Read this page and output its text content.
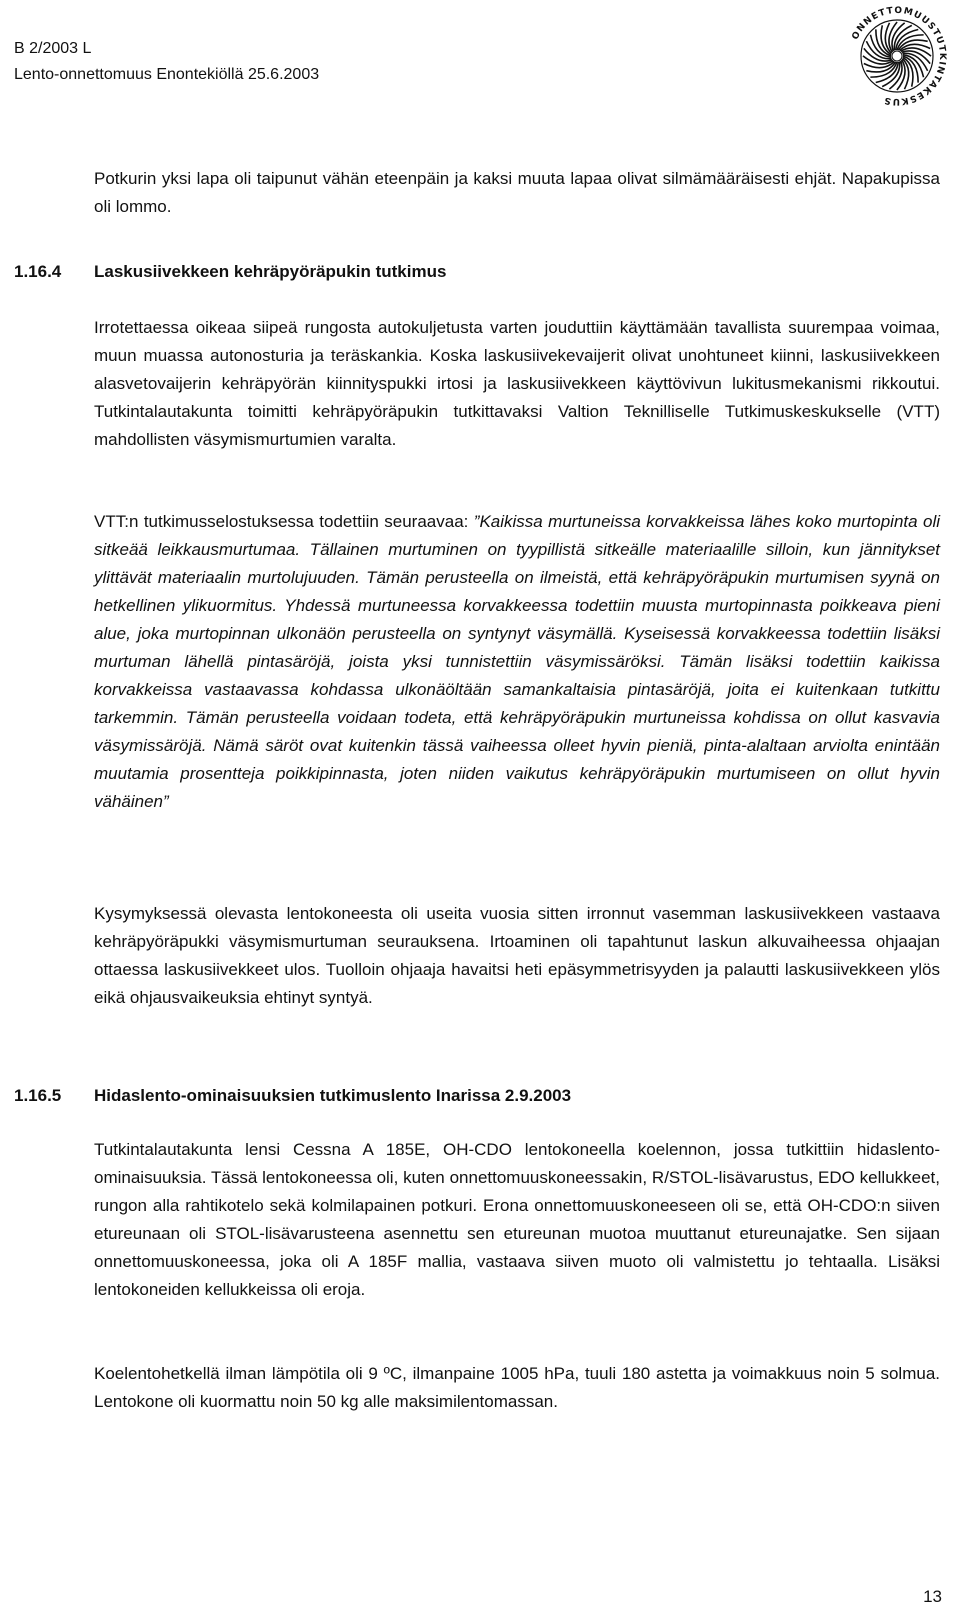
B 2/2003 L
Lento-onnettomuus Enontekiöllä 25.6.2003
ONNETTOMUUSTUTKINTAKESKUS

Potkurin yksi lapa oli taipunut vähän eteenpäin ja kaksi muuta lapaa olivat silmämääräisesti ehjät. Napakupissa oli lommo.

1.16.4 Laskusiivekkeen kehräpyöräpukin tutkimus

Irrotettaessa oikeaa siipeä rungosta autokuljetusta varten jouduttiin käyttämään tavallista suurempaa voimaa, muun muassa autonosturia ja teräskankia. Koska laskusiivekevaijerit olivat unohtuneet kiinni, laskusiivekkeen alasvetovaijerin kehräpyörän kiinnityspukki irtosi ja laskusiivekkeen käyttövivun lukitusmekanismi rikkoutui. Tutkintalautakunta toimitti kehräpyöräpukin tutkittavaksi Valtion Teknilliselle Tutkimuskeskukselle (VTT) mahdollisten väsymismurtumien varalta.

VTT:n tutkimusselostuksessa todettiin seuraavaa: ”Kaikissa murtuneissa korvakkeissa lähes koko murtopinta oli sitkeää leikkausmurtumaa. Tällainen murtuminen on tyypillistä sitkeälle materiaalille silloin, kun jännitykset ylittävät materiaalin murtolujuuden. Tämän perusteella on ilmeistä, että kehräpyöräpukin murtumisen syynä on hetkellinen ylikuormitus. Yhdessä murtuneessa korvakkeessa todettiin muusta murtopinnasta poikkeava pieni alue, joka murtopinnan ulkonäön perusteella on syntynyt väsymällä. Kyseisessä korvakkeessa todettiin lisäksi murtuman lähellä pintasäröjä, joista yksi tunnistettiin väsymissäröksi. Tämän lisäksi todettiin kaikissa korvakkeissa vastaavassa kohdassa ulkonäöltään samankaltaisia pintasäröjä, joita ei kuitenkaan tutkittu tarkemmin. Tämän perusteella voidaan todeta, että kehräpyöräpukin murtuneissa kohdissa on ollut kasvavia väsymissäröjä. Nämä säröt ovat kuitenkin tässä vaiheessa olleet hyvin pieniä, pinta-alaltaan arviolta enintään muutamia prosentteja poikkipinnasta, joten niiden vaikutus kehräpyöräpukin murtumiseen on ollut hyvin vähäinen”

Kysymyksessä olevasta lentokoneesta oli useita vuosia sitten irronnut vasemman laskusiivekkeen vastaava kehräpyöräpukki väsymismurtuman seurauksena. Irtoaminen oli tapahtunut laskun alkuvaiheessa ohjaajan ottaessa laskusiivekkeet ulos. Tuolloin ohjaaja havaitsi heti epäsymmetrisyyden ja palautti laskusiivekkeen ylös eikä ohjausvaikeuksia ehtinyt syntyä.

1.16.5 Hidaslento-ominaisuuksien tutkimuslento Inarissa 2.9.2003

Tutkintalautakunta lensi Cessna A 185E, OH-CDO lentokoneella koelennon, jossa tutkittiin hidaslento-ominaisuuksia. Tässä lentokoneessa oli, kuten onnettomuuskoneessakin, R/STOL-lisävarustus, EDO kellukkeet, rungon alla rahtikotelo sekä kolmilapainen potkuri. Erona onnettomuuskoneeseen oli se, että OH-CDO:n siiven etureunaan oli STOL-lisävarusteena asennettu sen etureunan muotoa muuttanut etureunajatke. Sen sijaan onnettomuuskoneessa, joka oli A 185F mallia, vastaava siiven muoto oli valmistettu jo tehtaalla. Lisäksi lentokoneiden kellukkeissa oli eroja.

Koelentohetkellä ilman lämpötila oli 9 ºC, ilmanpaine 1005 hPa, tuuli 180 astetta ja voimakkuus noin 5 solmua. Lentokone oli kuormattu noin 50 kg alle maksimilentomassan.

13
